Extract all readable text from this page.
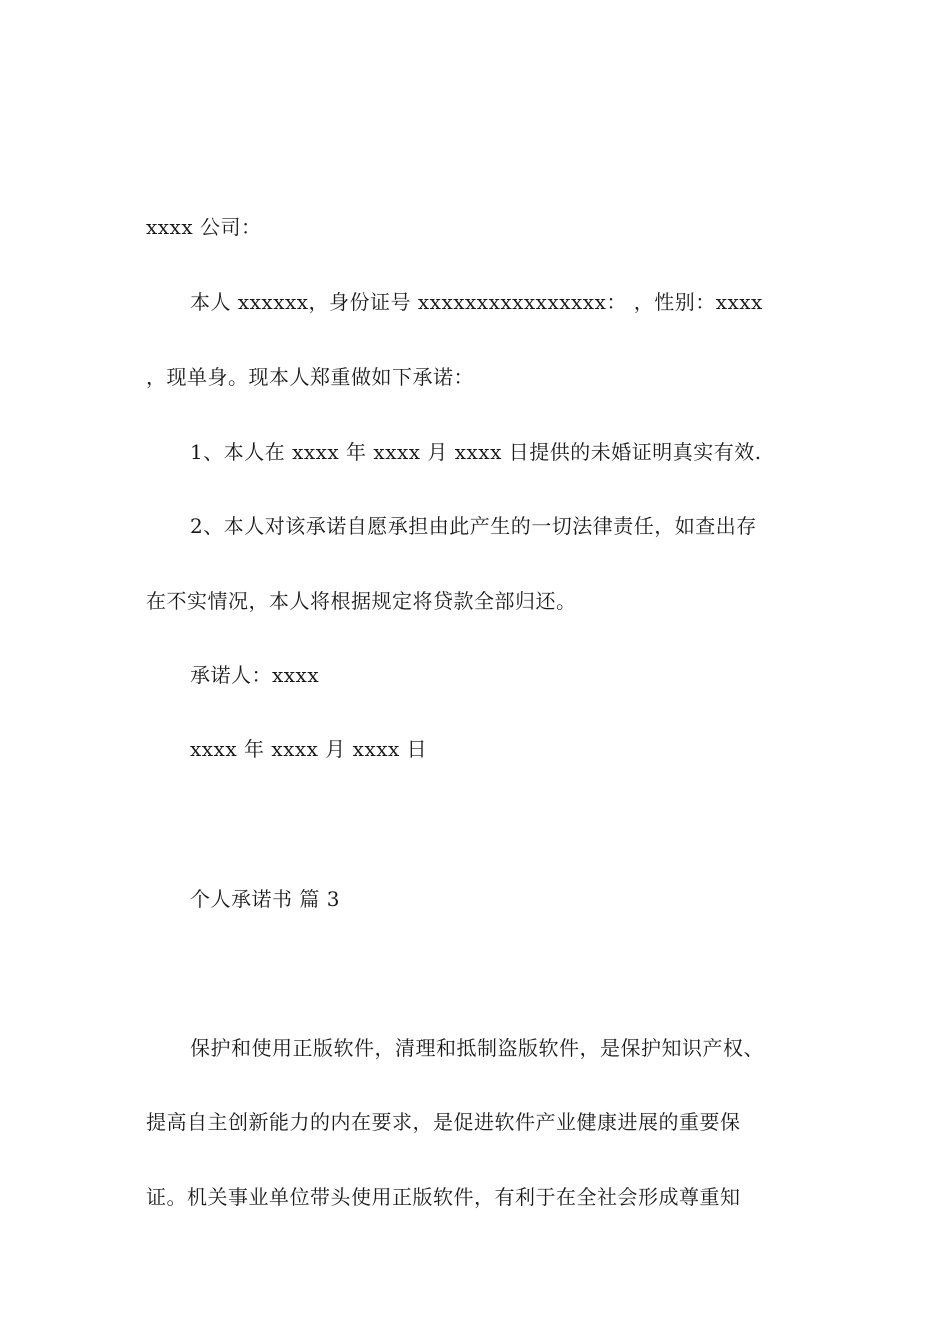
xxxx 公司：
本人 xxxxxx，身份证号 xxxxxxxxxxxxxxxx： ，性别：xxxx
，现单身。现本人郑重做如下承诺：
1、本人在 xxxx 年 xxxx 月 xxxx 日提供的未婚证明真实有效.
2、本人对该承诺自愿承担由此产生的一切法律责任，如查出存
在不实情况，本人将根据规定将贷款全部归还。
承诺人：xxxx
xxxx 年 xxxx 月 xxxx 日
个人承诺书 篇 3
保护和使用正版软件，清理和抵制盗版软件，是保护知识产权、
提高自主创新能力的内在要求，是促进软件产业健康进展的重要保
证。机关事业单位带头使用正版软件，有利于在全社会形成尊重知
